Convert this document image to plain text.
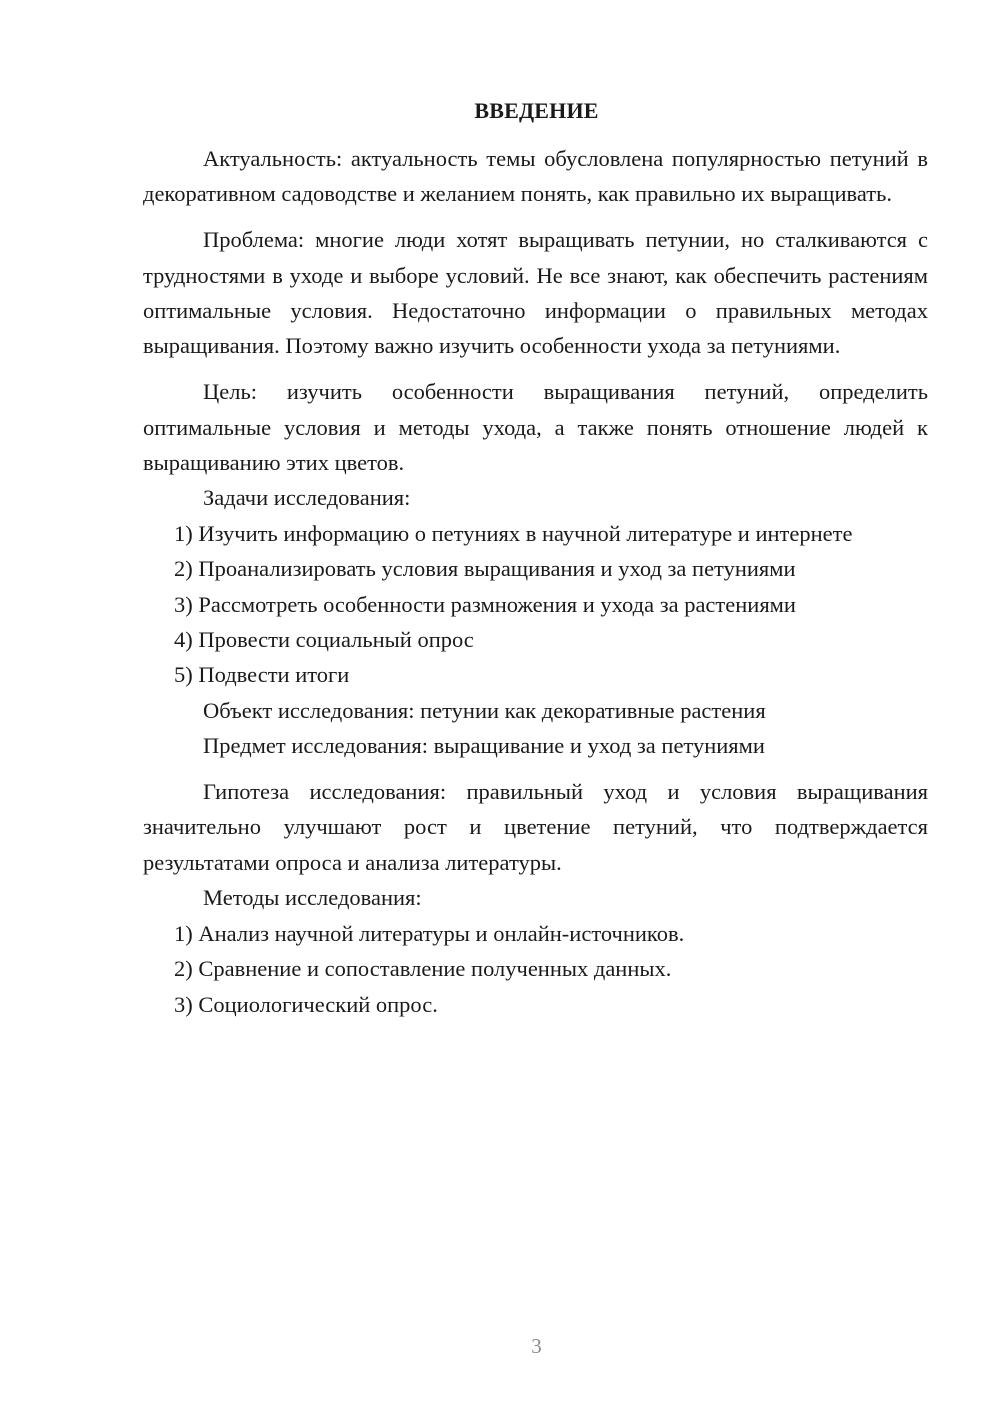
ВВЕДЕНИЕ

Актуальность: актуальность темы обусловлена популярностью петуний в декоративном садоводстве и желанием понять, как правильно их выращивать.

Проблема: многие люди хотят выращивать петунии, но сталкиваются с трудностями в уходе и выборе условий. Не все знают, как обеспечить растениям оптимальные условия. Недостаточно информации о правильных методах выращивания. Поэтому важно изучить особенности ухода за петуниями.

Цель: изучить особенности выращивания петуний, определить оптимальные условия и методы ухода, а также понять отношение людей к выращиванию этих цветов.

Задачи исследования:

1) Изучить информацию о петуниях в научной литературе и интернете

2) Проанализировать условия выращивания и уход за петуниями

3) Рассмотреть особенности размножения и ухода за растениями

4) Провести социальный опрос

5) Подвести итоги

Объект исследования: петунии как декоративные растения

Предмет исследования: выращивание и уход за петуниями

Гипотеза исследования: правильный уход и условия выращивания значительно улучшают рост и цветение петуний, что подтверждается результатами опроса и анализа литературы.

Методы исследования:

1) Анализ научной литературы и онлайн-источников.

2) Сравнение и сопоставление полученных данных.

3) Социологический опрос.

3
